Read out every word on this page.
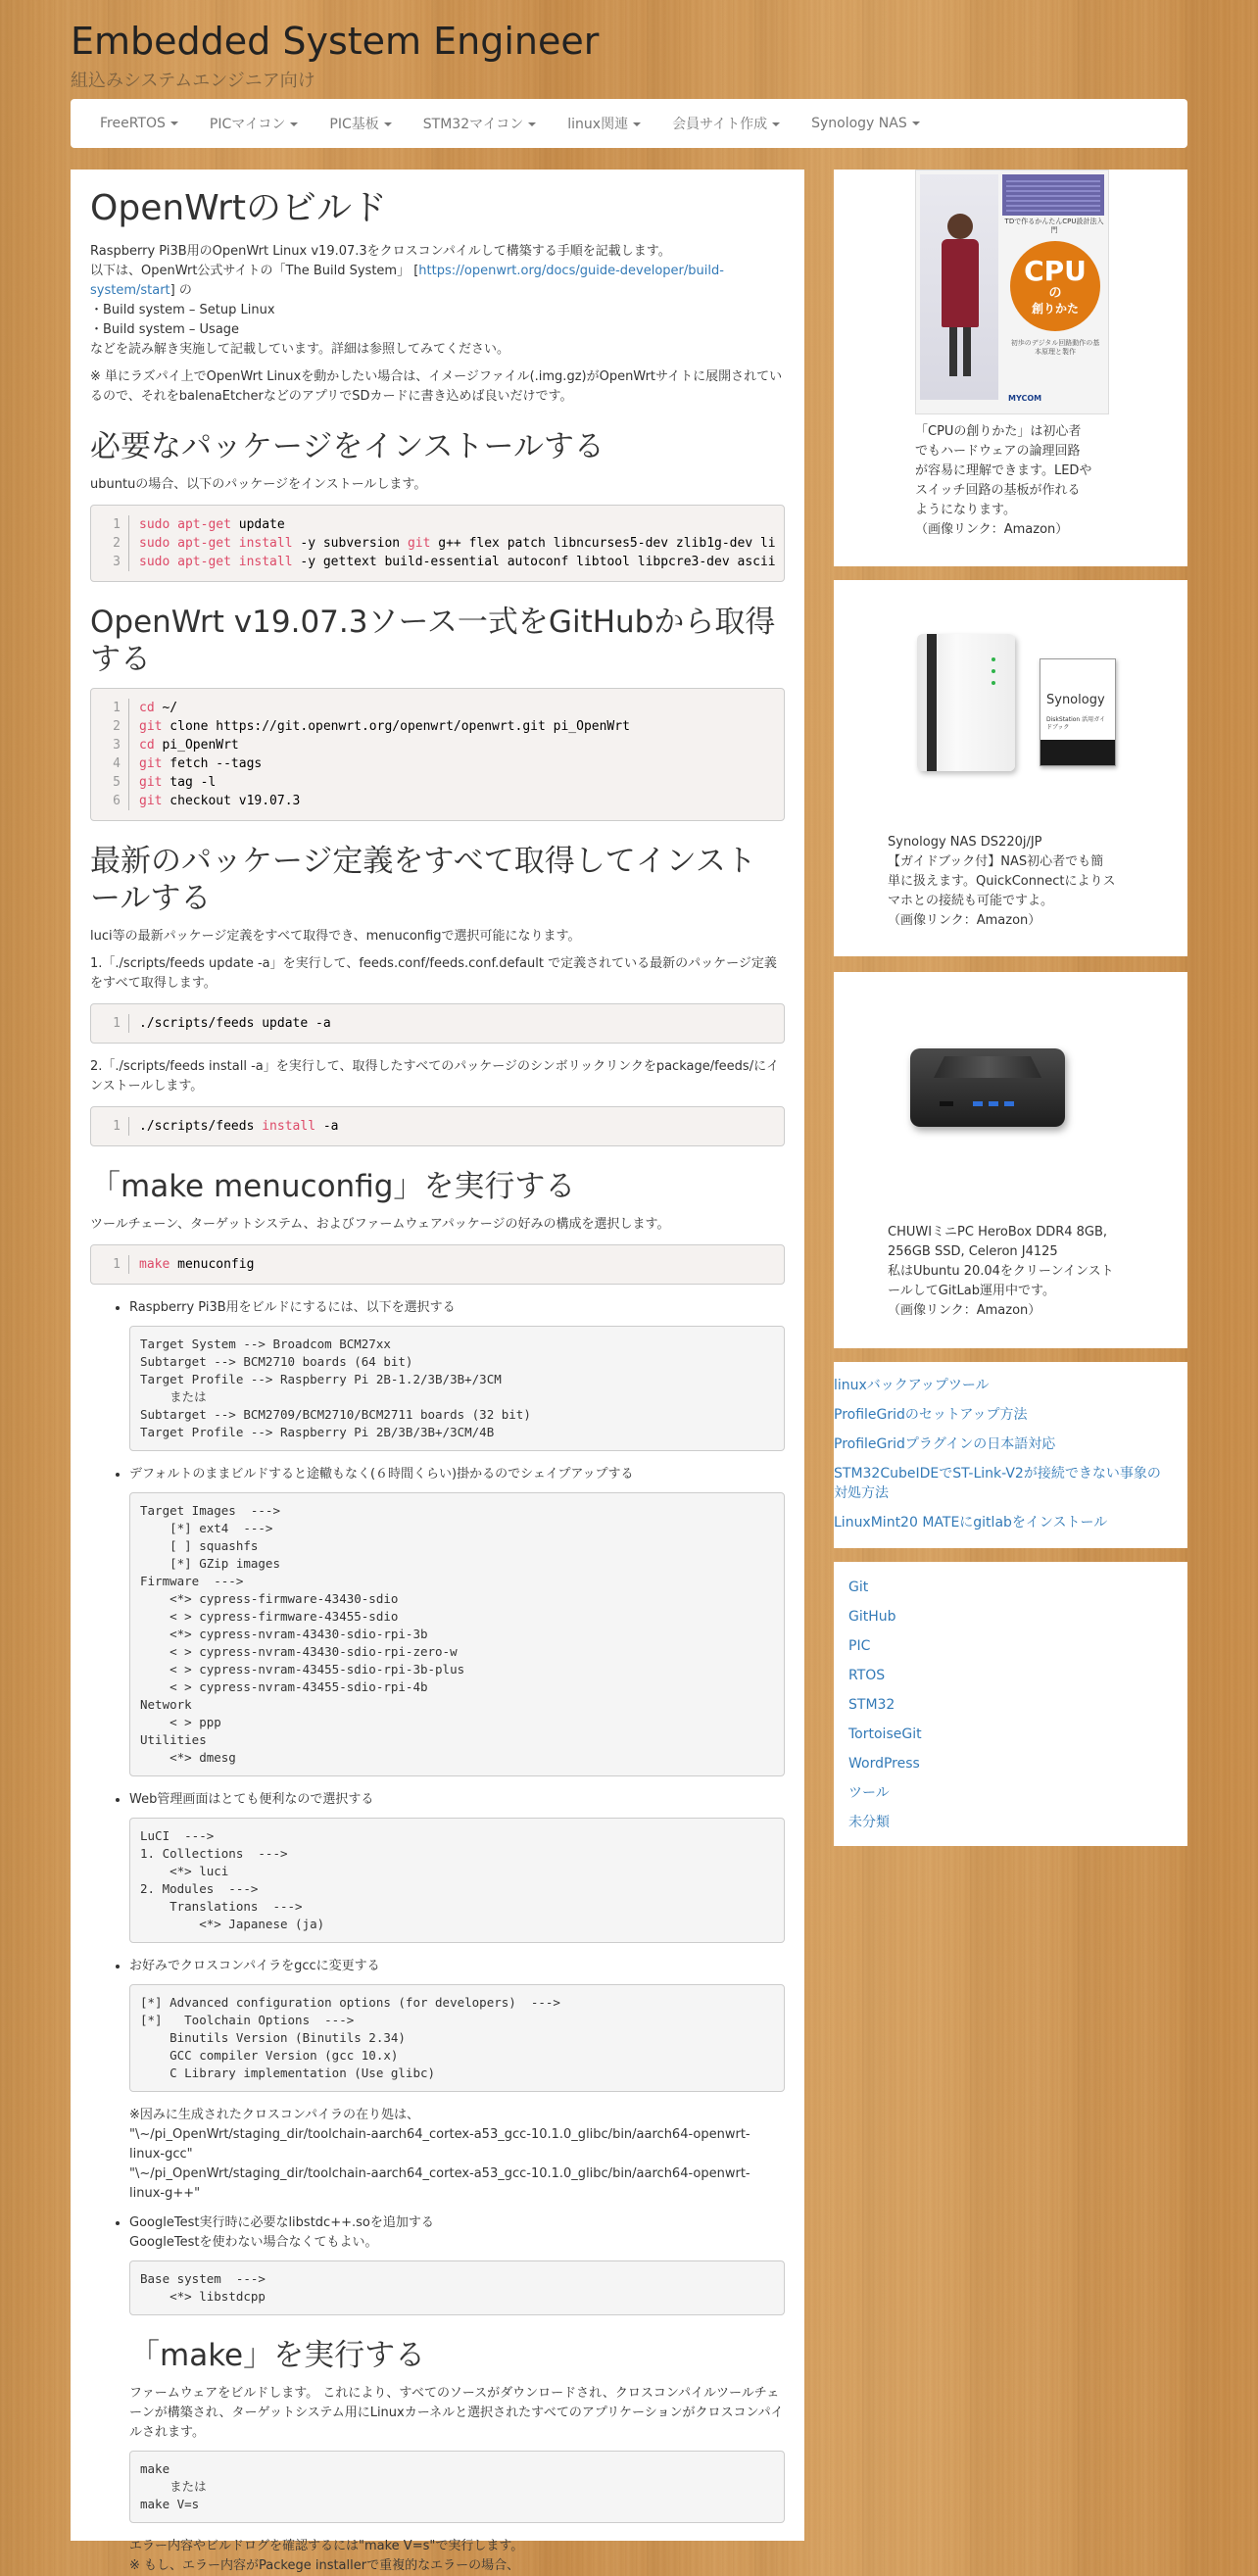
Embedded System Engineer
組込みシステムエンジニア向け
FreeRTOS	PICマイコン	PIC基板	STM32マイコン	linux関連	会員サイト作成	Synology NAS
OpenWrtのビルド

Raspberry Pi3B用のOpenWrt Linux v19.07.3をクロスコンパイルして構築する手順を記載します。
以下は、OpenWrt公式サイトの「The Build System」 [https://openwrt.org/docs/guide-developer/build-system/start] の
・Build system – Setup Linux
・Build system – Usage
などを読み解き実施して記載しています。詳細は参照してみてください。

※ 単にラズパイ上でOpenWrt Linuxを動かしたい場合は、イメージファイル(.img.gz)がOpenWrtサイトに展開されているので、それをbalenaEtcherなどのアプリでSDカードに書き込めば良いだけです。

必要なパッケージをインストールする

ubuntuの場合、以下のパッケージをインストールします。

1	sudo apt-get update
2	sudo apt-get install -y subversion git g++ flex patch libncurses5-dev zlib1g-dev li
3	sudo apt-get install -y gettext build-essential autoconf libtool libpcre3-dev ascii
OpenWrt v19.07.3ソース一式をGitHubから取得する
1	cd ~/
2	git clone https://git.openwrt.org/openwrt/openwrt.git pi_OpenWrt
3	cd pi_OpenWrt
4	git fetch --tags
5	git tag -l
6	git checkout v19.07.3
最新のパッケージ定義をすべて取得してインストールする

luci等の最新パッケージ定義をすべて取得でき、menuconfigで選択可能になります。

1.「./scripts/feeds update -a」を実行して、feeds.conf/feeds.conf.default で定義されている最新のパッケージ定義をすべて取得します。

1	./scripts/feeds update -a

2.「./scripts/feeds install -a」を実行して、取得したすべてのパッケージのシンボリックリンクをpackage/feeds/にインストールします。

1	./scripts/feeds install -a
「make menuconfig」を実行する

ツールチェーン、ターゲットシステム、およびファームウェアパッケージの好みの構成を選択します。

1	make menuconfig
• Raspberry Pi3B用をビルドにするには、以下を選択する
Target System --> Broadcom BCM27xx
Subtarget --> BCM2710 boards (64 bit)
Target Profile --> Raspberry Pi 2B-1.2/3B/3B+/3CM
または
Subtarget --> BCM2709/BCM2710/BCM2711 boards (32 bit)
Target Profile --> Raspberry Pi 2B/3B/3B+/3CM/4B
• デフォルトのままビルドすると途轍もなく(６時間くらい)掛かるのでシェイプアップする
Target Images  --->
[*] ext4  --->
[ ] squashfs
[*] GZip images
Firmware  --->
<*> cypress-firmware-43430-sdio
< > cypress-firmware-43455-sdio
<*> cypress-nvram-43430-sdio-rpi-3b
< > cypress-nvram-43430-sdio-rpi-zero-w
< > cypress-nvram-43455-sdio-rpi-3b-plus
< > cypress-nvram-43455-sdio-rpi-4b
Network
< > ppp
Utilities
<*> dmesg
• Web管理画面はとても便利なので選択する
LuCI  --->
1. Collections  --->
<*> luci
2. Modules  --->
Translations  --->
<*> Japanese (ja)
• お好みでクロスコンパイラをgccに変更する
[*] Advanced configuration options (for developers)  --->
[*]   Toolchain Options  --->
Binutils Version (Binutils 2.34)
GCC compiler Version (gcc 10.x)
C Library implementation (Use glibc)
※因みに生成されたクロスコンパイラの在り処は、
"\~/pi_OpenWrt/staging_dir/toolchain-aarch64_cortex-a53_gcc-10.1.0_glibc/bin/aarch64-openwrt-linux-gcc"
"\~/pi_OpenWrt/staging_dir/toolchain-aarch64_cortex-a53_gcc-10.1.0_glibc/bin/aarch64-openwrt-linux-g++"
• GoogleTest実行時に必要なlibstdc++.soを追加する
GoogleTestを使わない場合なくてもよい。
Base system  --->
<*> libstdcpp
「make」を実行する

ファームウェアをビルドします。 これにより、すべてのソースがダウンロードされ、クロスコンパイルツールチェーンが構築され、ターゲットシステム用にLinuxカーネルと選択されたすべてのアプリケーションがクロスコンパイルされます。

make
または
make V=s

エラー内容やビルドログを確認するには"make V=s"で実行します。
※ もし、エラー内容がPackege installerで重複的なエラーの場合、

TDで作るかんたんCPU設計法入門
CPU
の
創りかた
初歩のデジタル回路動作の基本原理と製作
MYCOM
「CPUの創りかた」は初心者
でもハードウェアの論理回路
が容易に理解できます。LEDや
スイッチ回路の基板が作れる
ようになります。
（画像リンク：Amazon）
Synology
DiskStation 活用ガイドブック
Synology NAS DS220j/JP
【ガイドブック付】NAS初心者でも簡
単に扱えます。QuickConnectによりス
マホとの接続も可能ですよ。
（画像リンク：Amazon）
CHUWIミニPC HeroBox DDR4 8GB,
256GB SSD, Celeron J4125
私はUbuntu 20.04をクリーンインスト
ールしてGitLab運用中です。
（画像リンク：Amazon）
linuxバックアップツール
ProfileGridのセットアップ方法
ProfileGridプラグインの日本語対応
STM32CubeIDEでST-Link-V2が接続できない事象の対処方法
LinuxMint20 MATEにgitlabをインストール
Git
GitHub
PIC
RTOS
STM32
TortoiseGit
WordPress
ツール
未分類
